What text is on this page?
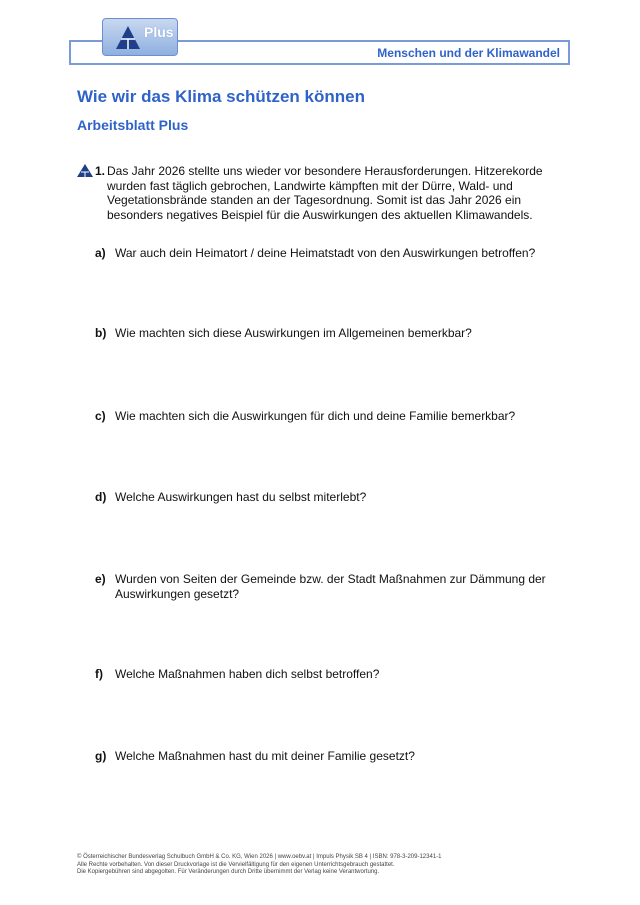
Menschen und der Klimawandel
Plus
Wie wir das Klima schützen können
Arbeitsblatt Plus
1. Das Jahr 2026 stellte uns wieder vor besondere Herausforderungen. Hitzerekorde wurden fast täglich gebrochen, Landwirte kämpften mit der Dürre, Wald- und Vegetationsbrände standen an der Tagesordnung. Somit ist das Jahr 2026 ein besonders negatives Beispiel für die Auswirkungen des aktuellen Klimawandels.
a) War auch dein Heimatort / deine Heimatstadt von den Auswirkungen betroffen?
b) Wie machten sich diese Auswirkungen im Allgemeinen bemerkbar?
c) Wie machten sich die Auswirkungen für dich und deine Familie bemerkbar?
d) Welche Auswirkungen hast du selbst miterlebt?
e) Wurden von Seiten der Gemeinde bzw. der Stadt Maßnahmen zur Dämmung der Auswirkungen gesetzt?
f) Welche Maßnahmen haben dich selbst betroffen?
g) Welche Maßnahmen hast du mit deiner Familie gesetzt?
© Österreichischer Bundesverlag Schulbuch GmbH & Co. KG, Wien 2026 | www.oebv.at | Impuls Physik SB 4 | ISBN: 978-3-209-12341-1
Alle Rechte vorbehalten. Von dieser Druckvorlage ist die Vervielfältigung für den eigenen Unterrichtsgebrauch gestattet.
Die Kopiergebühren sind abgegolten. Für Veränderungen durch Dritte übernimmt der Verlag keine Verantwortung.
